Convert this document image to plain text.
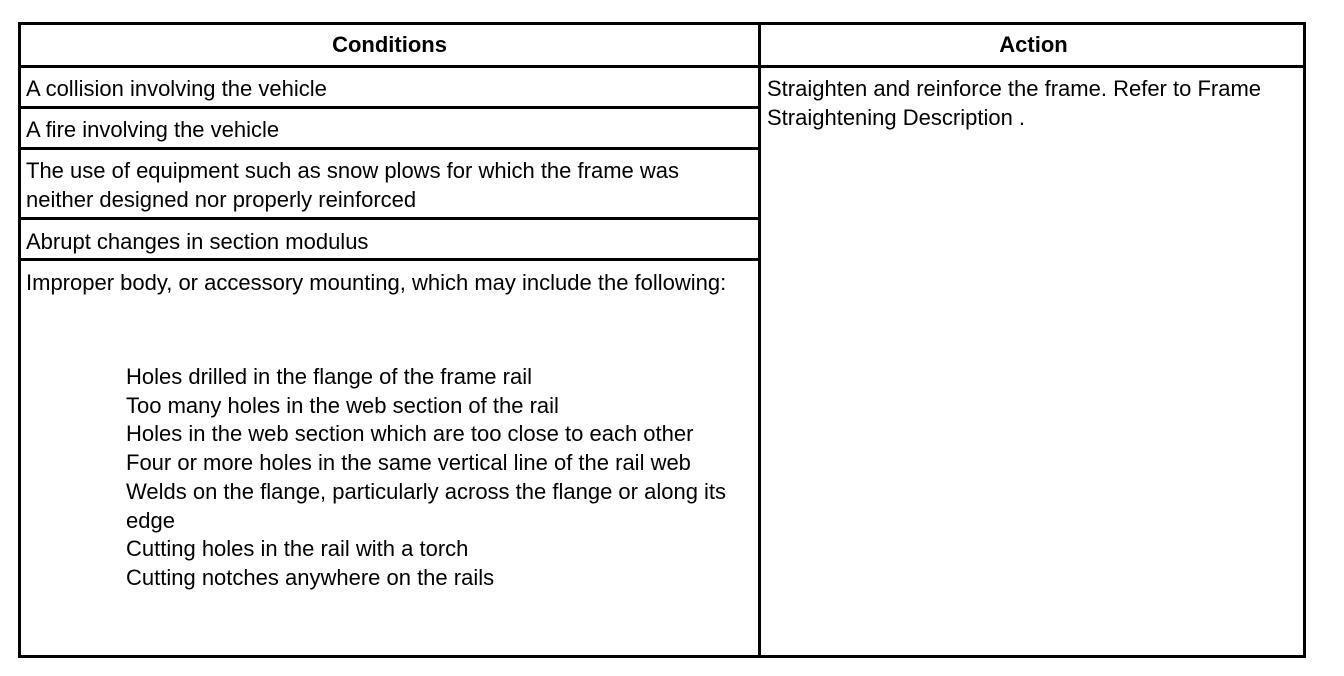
Conditions	Action
A collision involving the vehicle
A fire involving the vehicle
The use of equipment such as snow plows for which the frame was neither designed nor properly reinforced
Abrupt changes in section modulus
Improper body, or accessory mounting, which may include the following:
Holes drilled in the flange of the frame rail
Too many holes in the web section of the rail
Holes in the web section which are too close to each other
Four or more holes in the same vertical line of the rail web
Welds on the flange, particularly across the flange or along its edge
Cutting holes in the rail with a torch
Cutting notches anywhere on the rails
Straighten and reinforce the frame. Refer to Frame Straightening Description .
